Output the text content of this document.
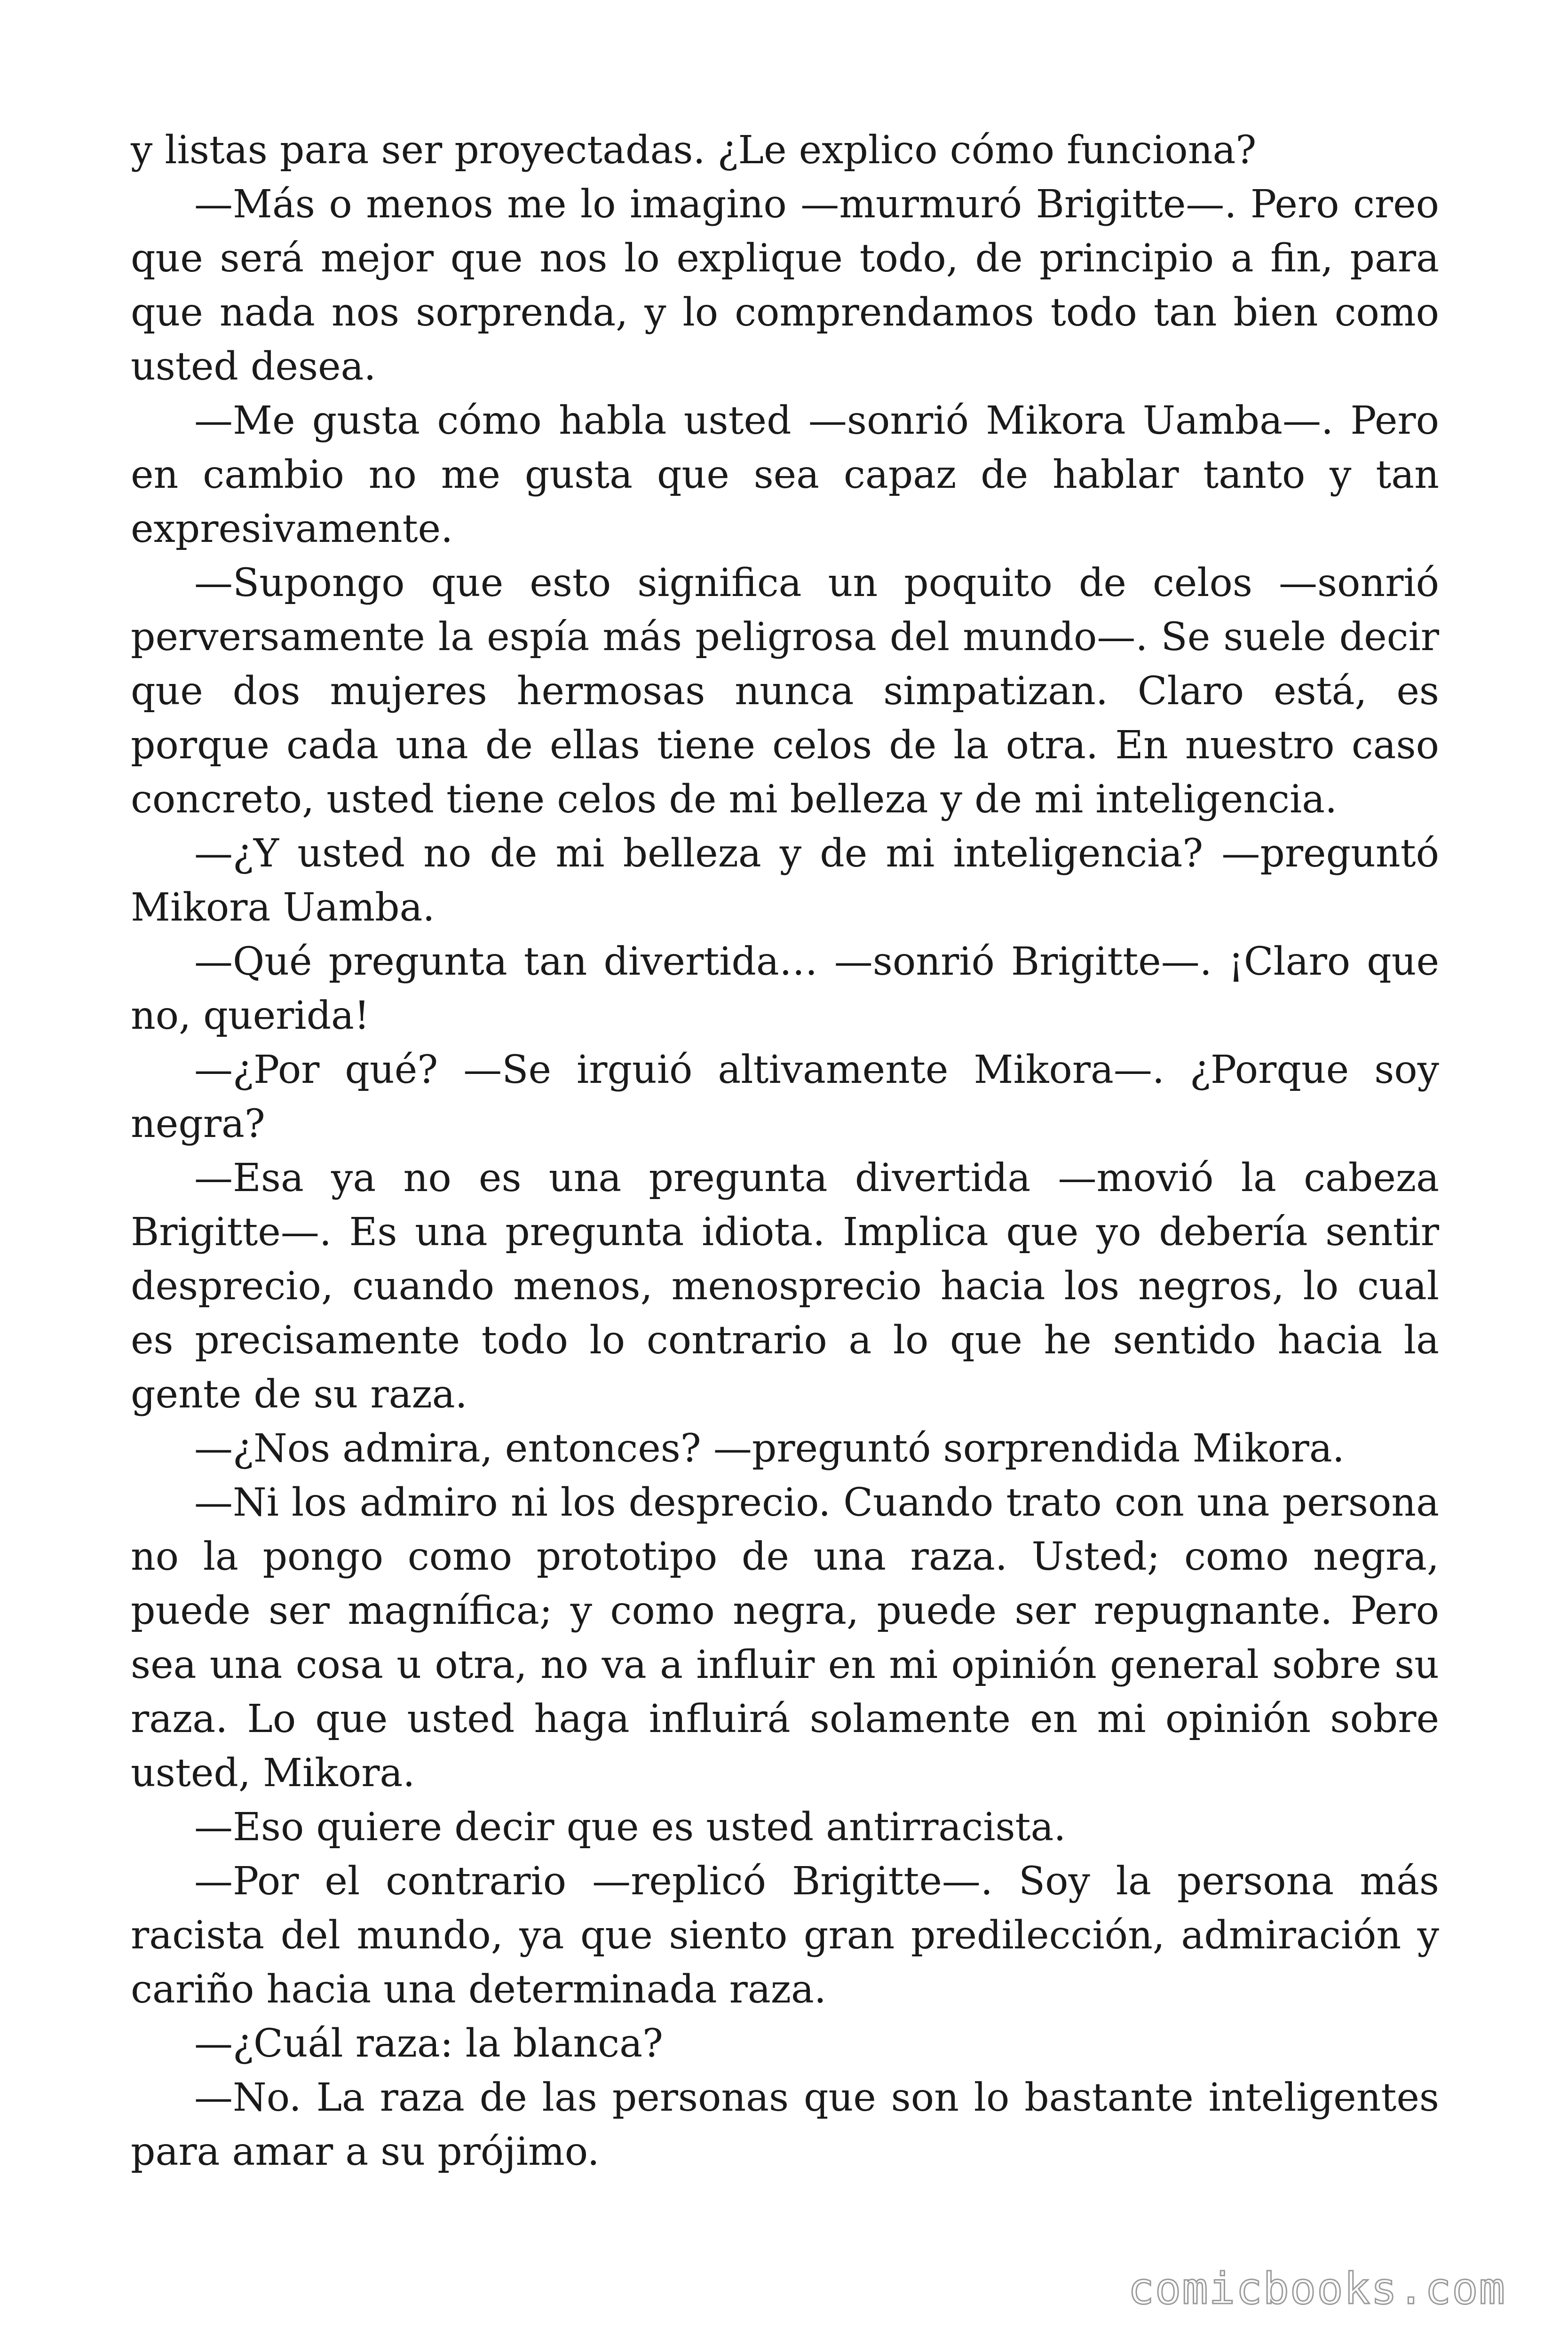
y listas para ser proyectadas. ¿Le explico cómo funciona?

—Más o menos me lo imagino —murmuró Brigitte—. Pero creo que será mejor que nos lo explique todo, de principio a fin, para que nada nos sorprenda, y lo comprendamos todo tan bien como usted desea.

—Me gusta cómo habla usted —sonrió Mikora Uamba—. Pero en cambio no me gusta que sea capaz de hablar tanto y tan expresivamente.

—Supongo que esto significa un poquito de celos —sonrió perversamente la espía más peligrosa del mundo—. Se suele decir que dos mujeres hermosas nunca simpatizan. Claro está, es porque cada una de ellas tiene celos de la otra. En nuestro caso concreto, usted tiene celos de mi belleza y de mi inteligencia.

—¿Y usted no de mi belleza y de mi inteligencia? —preguntó Mikora Uamba.

—Qué pregunta tan divertida… —sonrió Brigitte—. ¡Claro que no, querida!

—¿Por qué? —Se irguió altivamente Mikora—. ¿Porque soy negra?

—Esa ya no es una pregunta divertida —movió la cabeza Brigitte—. Es una pregunta idiota. Implica que yo debería sentir desprecio, cuando menos, menosprecio hacia los negros, lo cual es precisamente todo lo contrario a lo que he sentido hacia la gente de su raza.

—¿Nos admira, entonces? —preguntó sorprendida Mikora.

—Ni los admiro ni los desprecio. Cuando trato con una persona no la pongo como prototipo de una raza. Usted; como negra, puede ser magnífica; y como negra, puede ser repugnante. Pero sea una cosa u otra, no va a influir en mi opinión general sobre su raza. Lo que usted haga influirá solamente en mi opinión sobre usted, Mikora.

—Eso quiere decir que es usted antirracista.

—Por el contrario —replicó Brigitte—. Soy la persona más racista del mundo, ya que siento gran predilección, admiración y cariño hacia una determinada raza.

—¿Cuál raza: la blanca?

—No. La raza de las personas que son lo bastante inteligentes para amar a su prójimo.

comicbooks.com
